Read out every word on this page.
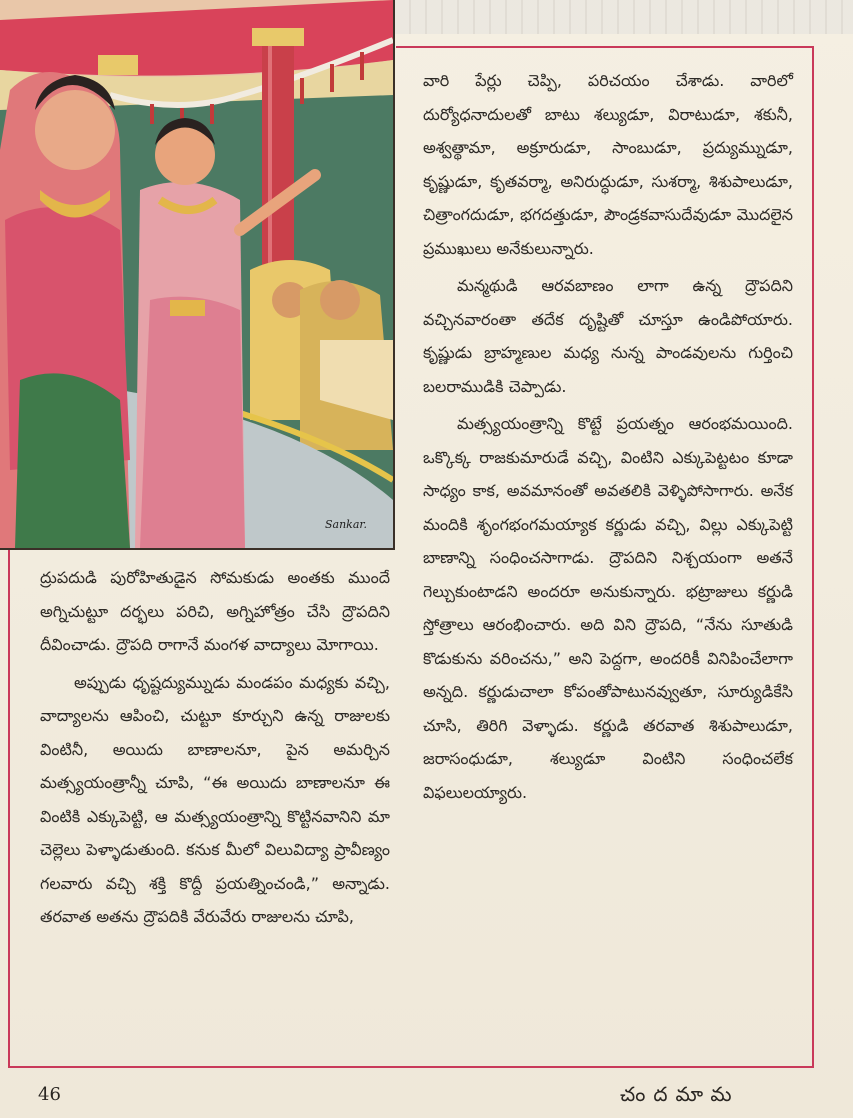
Sankar.

వారి పేర్లు చెప్పి, పరిచయం చేశాడు. వారిలో దుర్యోధనాదులతో బాటు శల్యుడూ, విరాటుడూ, శకునీ, అశ్వత్థామా, అక్రూరుడూ, సాంబుడూ, ప్రద్యుమ్నుడూ, కృష్ణుడూ, కృతవర్మా, అనిరుద్ధుడూ, సుశర్మా, శిశుపాలుడూ, చిత్రాంగదుడూ, భగదత్తుడూ, పౌండ్రకవాసుదేవుడూ మొదలైన ప్రముఖులు అనేకులున్నారు.

మన్మథుడి ఆరవబాణం లాగా ఉన్న ద్రౌపదిని వచ్చినవారంతా తదేక దృష్టితో చూస్తూ ఉండిపోయారు. కృష్ణుడు బ్రాహ్మణుల మధ్య నున్న పాండవులను గుర్తించి బలరాముడికి చెప్పాడు.

మత్స్యయంత్రాన్ని కొట్టే ప్రయత్నం ఆరంభమయింది. ఒక్కొక్క రాజకుమారుడే వచ్చి, వింటిని ఎక్కుపెట్టటం కూడా సాధ్యం కాక, అవమానంతో అవతలికి వెళ్ళిపోసాగారు. అనేక మందికి శృంగభంగమయ్యాక కర్ణుడు వచ్చి, విల్లు ఎక్కుపెట్టి బాణాన్ని సంధించసాగాడు. ద్రౌపదిని నిశ్చయంగా అతనే గెల్చుకుంటాడని అందరూ అనుకున్నారు. భట్రాజులు కర్ణుడి స్తోత్రాలు ఆరంభించారు. అది విని ద్రౌపది, “నేను సూతుడి కొడుకును వరించను,” అని పెద్దగా, అందరికీ వినిపించేలాగా అన్నది. కర్ణుడుచాలా కోపంతోపాటునవ్వుతూ, సూర్యుడికేసి చూసి, తిరిగి వెళ్ళాడు. కర్ణుడి తరవాత శిశుపాలుడూ, జరాసంధుడూ, శల్యుడూ వింటిని సంధించలేక విఫలులయ్యారు.

ద్రుపదుడి పురోహితుడైన సోమకుడు అంతకు ముందే అగ్నిచుట్టూ దర్భలు పరిచి, అగ్నిహోత్రం చేసి ద్రౌపదిని దీవించాడు. ద్రౌపది రాగానే మంగళ వాద్యాలు మోగాయి.

అప్పుడు ధృష్టద్యుమ్నుడు మండపం మధ్యకు వచ్చి, వాద్యాలను ఆపించి, చుట్టూ కూర్చుని ఉన్న రాజులకు వింటినీ, అయిదు బాణాలనూ, పైన అమర్చిన మత్స్యయంత్రాన్నీ చూపి, “ఈ అయిదు బాణాలనూ ఈ వింటికి ఎక్కుపెట్టి, ఆ మత్స్యయంత్రాన్ని కొట్టినవానిని మా చెల్లెలు పెళ్ళాడుతుంది. కనుక మీలో విలువిద్యా ప్రావీణ్యం గలవారు వచ్చి శక్తి కొద్దీ ప్రయత్నించండి,” అన్నాడు. తరవాత అతను ద్రౌపదికి వేరువేరు రాజులను చూపి,

46	చందమామ
